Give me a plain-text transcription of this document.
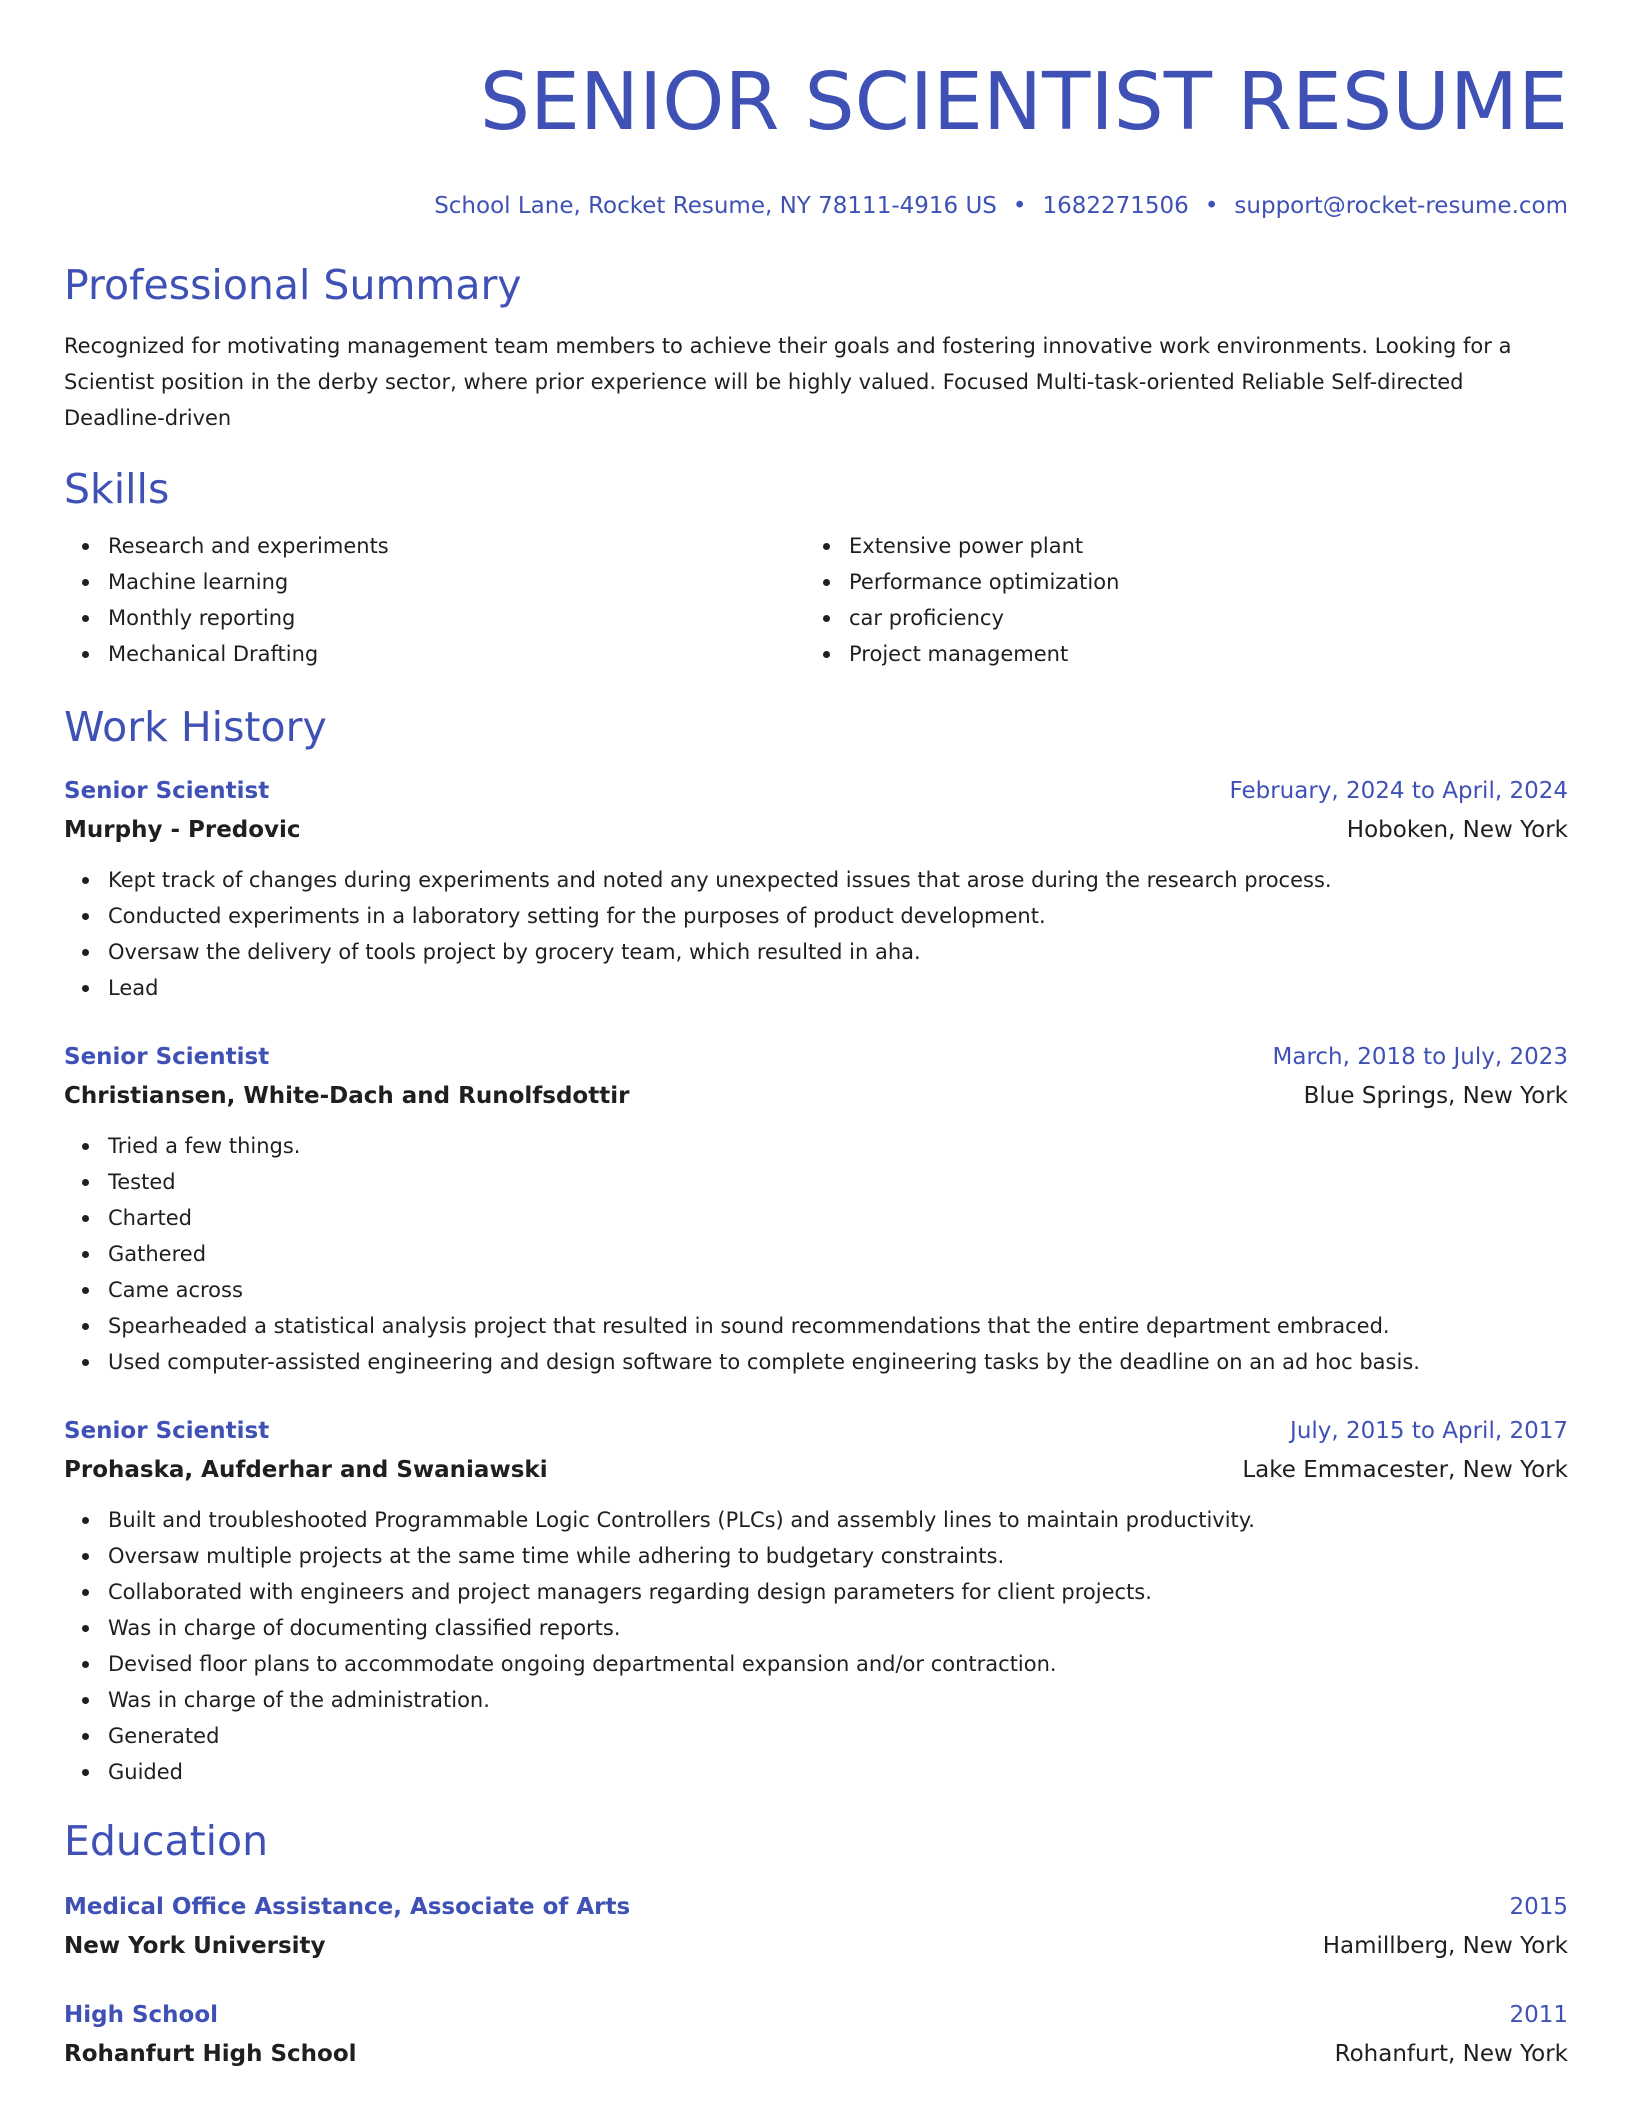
SENIOR SCIENTIST RESUME
School Lane, Rocket Resume, NY 78111-4916 US • 1682271506 • support@rocket-resume.com
Professional Summary
Recognized for motivating management team members to achieve their goals and fostering innovative work environments. Looking for a Scientist position in the derby sector, where prior experience will be highly valued. Focused Multi-task-oriented Reliable Self-directed Deadline-driven
Skills
Research and experiments
Machine learning
Monthly reporting
Mechanical Drafting
Extensive power plant
Performance optimization
car proficiency
Project management
Work History
Senior Scientist	February, 2024 to April, 2024
Murphy - Predovic	Hoboken, New York
Kept track of changes during experiments and noted any unexpected issues that arose during the research process.
Conducted experiments in a laboratory setting for the purposes of product development.
Oversaw the delivery of tools project by grocery team, which resulted in aha.
Lead
Senior Scientist	March, 2018 to July, 2023
Christiansen, White-Dach and Runolfsdottir	Blue Springs, New York
Tried a few things.
Tested
Charted
Gathered
Came across
Spearheaded a statistical analysis project that resulted in sound recommendations that the entire department embraced.
Used computer-assisted engineering and design software to complete engineering tasks by the deadline on an ad hoc basis.
Senior Scientist	July, 2015 to April, 2017
Prohaska, Aufderhar and Swaniawski	Lake Emmacester, New York
Built and troubleshooted Programmable Logic Controllers (PLCs) and assembly lines to maintain productivity.
Oversaw multiple projects at the same time while adhering to budgetary constraints.
Collaborated with engineers and project managers regarding design parameters for client projects.
Was in charge of documenting classified reports.
Devised floor plans to accommodate ongoing departmental expansion and/or contraction.
Was in charge of the administration.
Generated
Guided
Education
Medical Office Assistance, Associate of Arts	2015
New York University	Hamillberg, New York
High School	2011
Rohanfurt High School	Rohanfurt, New York
